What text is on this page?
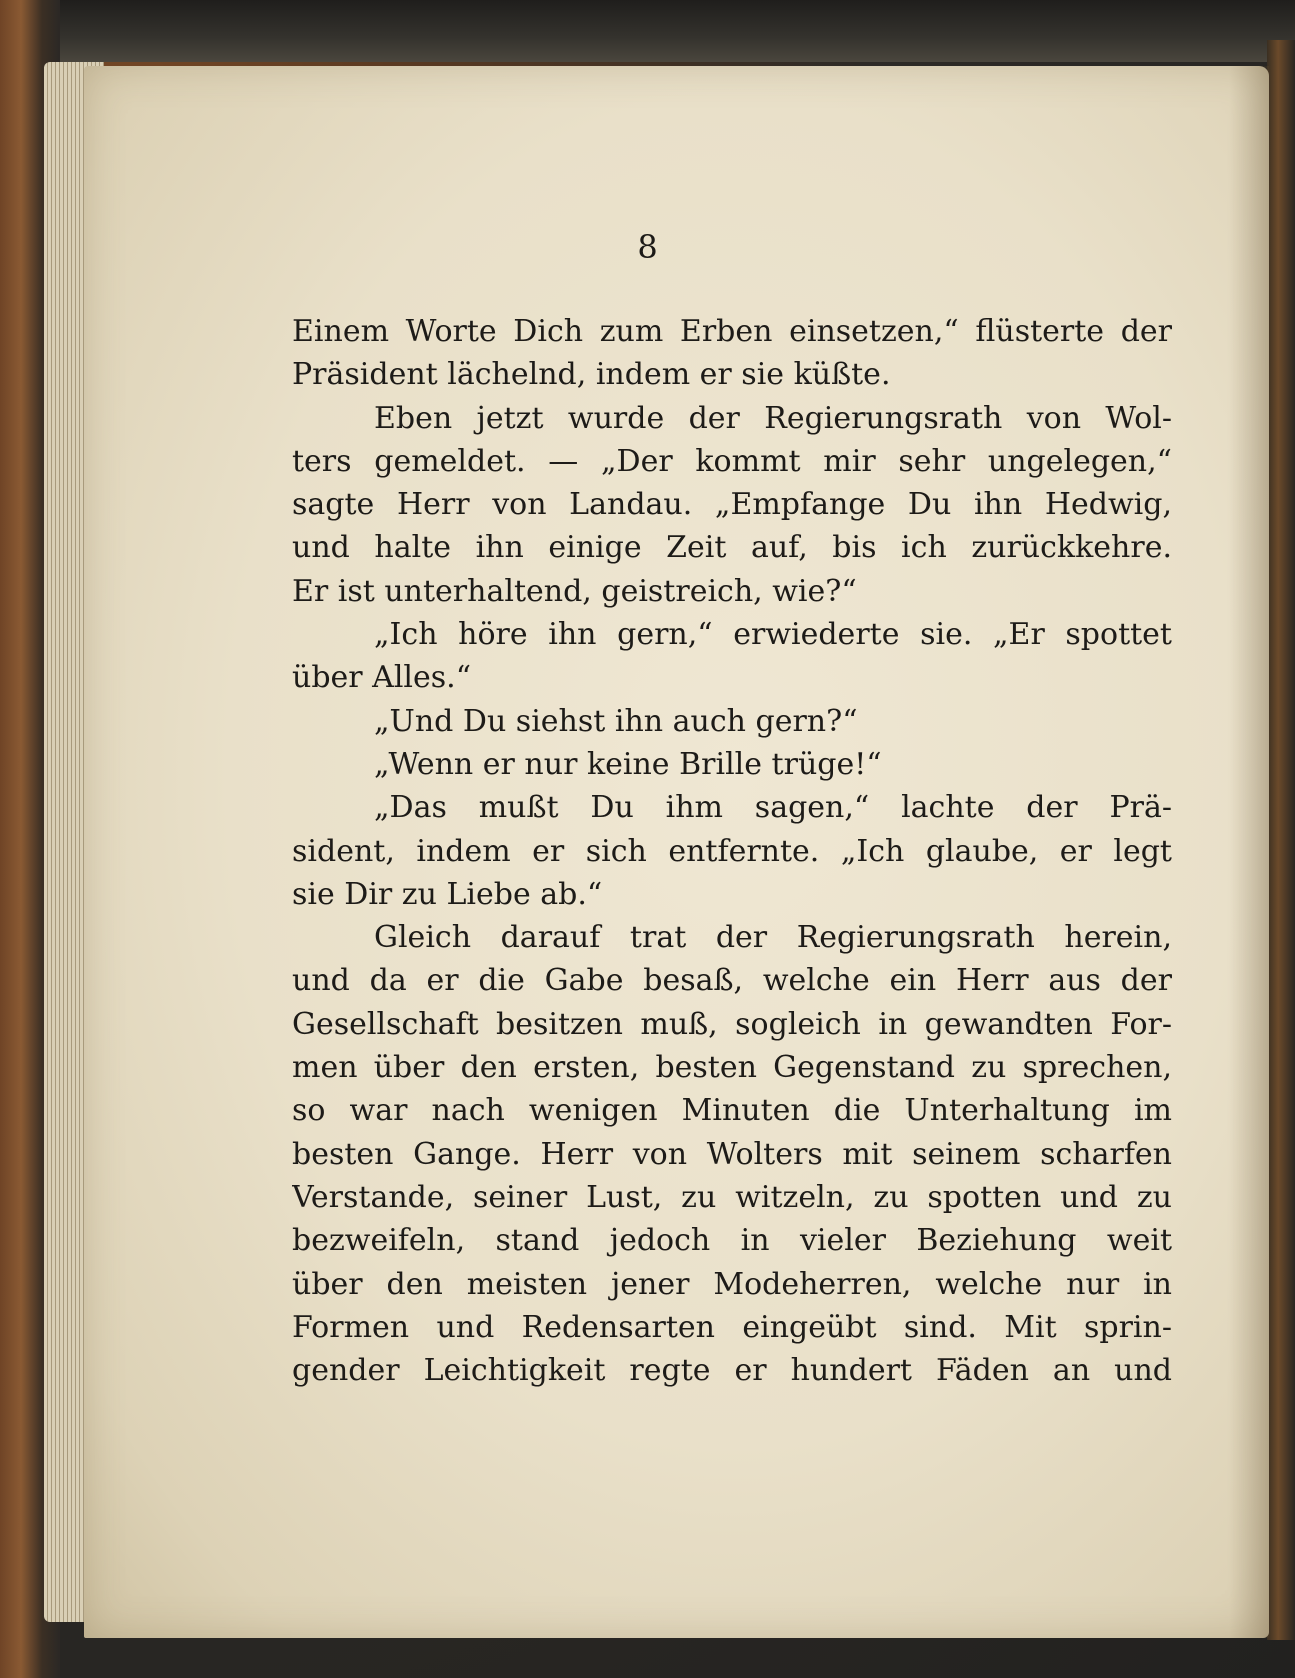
8
Einem Worte Dich zum Erben einsetzen,“ flüsterte der
Präsident lächelnd, indem er sie küßte.
Eben jetzt wurde der Regierungsrath von Wol-
ters gemeldet. — „Der kommt mir sehr ungelegen,“
sagte Herr von Landau. „Empfange Du ihn Hedwig,
und halte ihn einige Zeit auf, bis ich zurückkehre.
Er ist unterhaltend, geistreich, wie?“
„Ich höre ihn gern,“ erwiederte sie. „Er spottet
über Alles.“
„Und Du siehst ihn auch gern?“
„Wenn er nur keine Brille trüge!“
„Das mußt Du ihm sagen,“ lachte der Prä-
sident, indem er sich entfernte. „Ich glaube, er legt
sie Dir zu Liebe ab.“
Gleich darauf trat der Regierungsrath herein,
und da er die Gabe besaß, welche ein Herr aus der
Gesellschaft besitzen muß, sogleich in gewandten For-
men über den ersten, besten Gegenstand zu sprechen,
so war nach wenigen Minuten die Unterhaltung im
besten Gange. Herr von Wolters mit seinem scharfen
Verstande, seiner Lust, zu witzeln, zu spotten und zu
bezweifeln, stand jedoch in vieler Beziehung weit
über den meisten jener Modeherren, welche nur in
Formen und Redensarten eingeübt sind. Mit sprin-
gender Leichtigkeit regte er hundert Fäden an und
